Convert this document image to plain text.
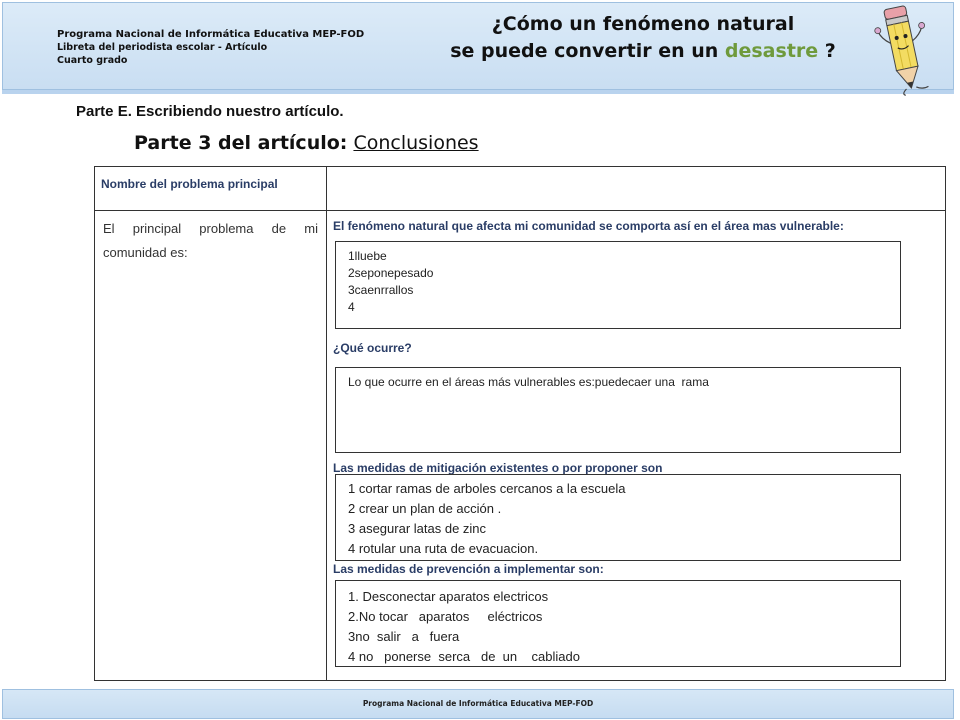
Programa Nacional de Informática Educativa MEP-FOD
Libreta del periodista escolar - Artículo
Cuarto grado
¿Cómo un fenómeno natural
se puede convertir en un desastre ?
Parte E. Escribiendo nuestro artículo.
Parte 3 del artículo: Conclusiones
Nombre del problema principal
El principal problema de mi comunidad es:
El fenómeno natural que afecta mi comunidad se comporta así en el área mas vulnerable:
1lluebe
2seponepesado
3caenrrallos
4
¿Qué ocurre?
Lo que ocurre en el áreas más vulnerables es:puedecaer una  rama
Las medidas de mitigación existentes o por proponer son
1 cortar ramas de arboles cercanos a la escuela
2 crear un plan de acción .
3 asegurar latas de zinc
4 rotular una ruta de evacuacion.
Las medidas de prevención a implementar son:
1. Desconectar aparatos electricos
2.No tocar   aparatos     eléctricos
3no  salir   a   fuera
4 no   ponerse  serca   de  un    cabliado
Programa Nacional de Informática Educativa MEP-FOD
